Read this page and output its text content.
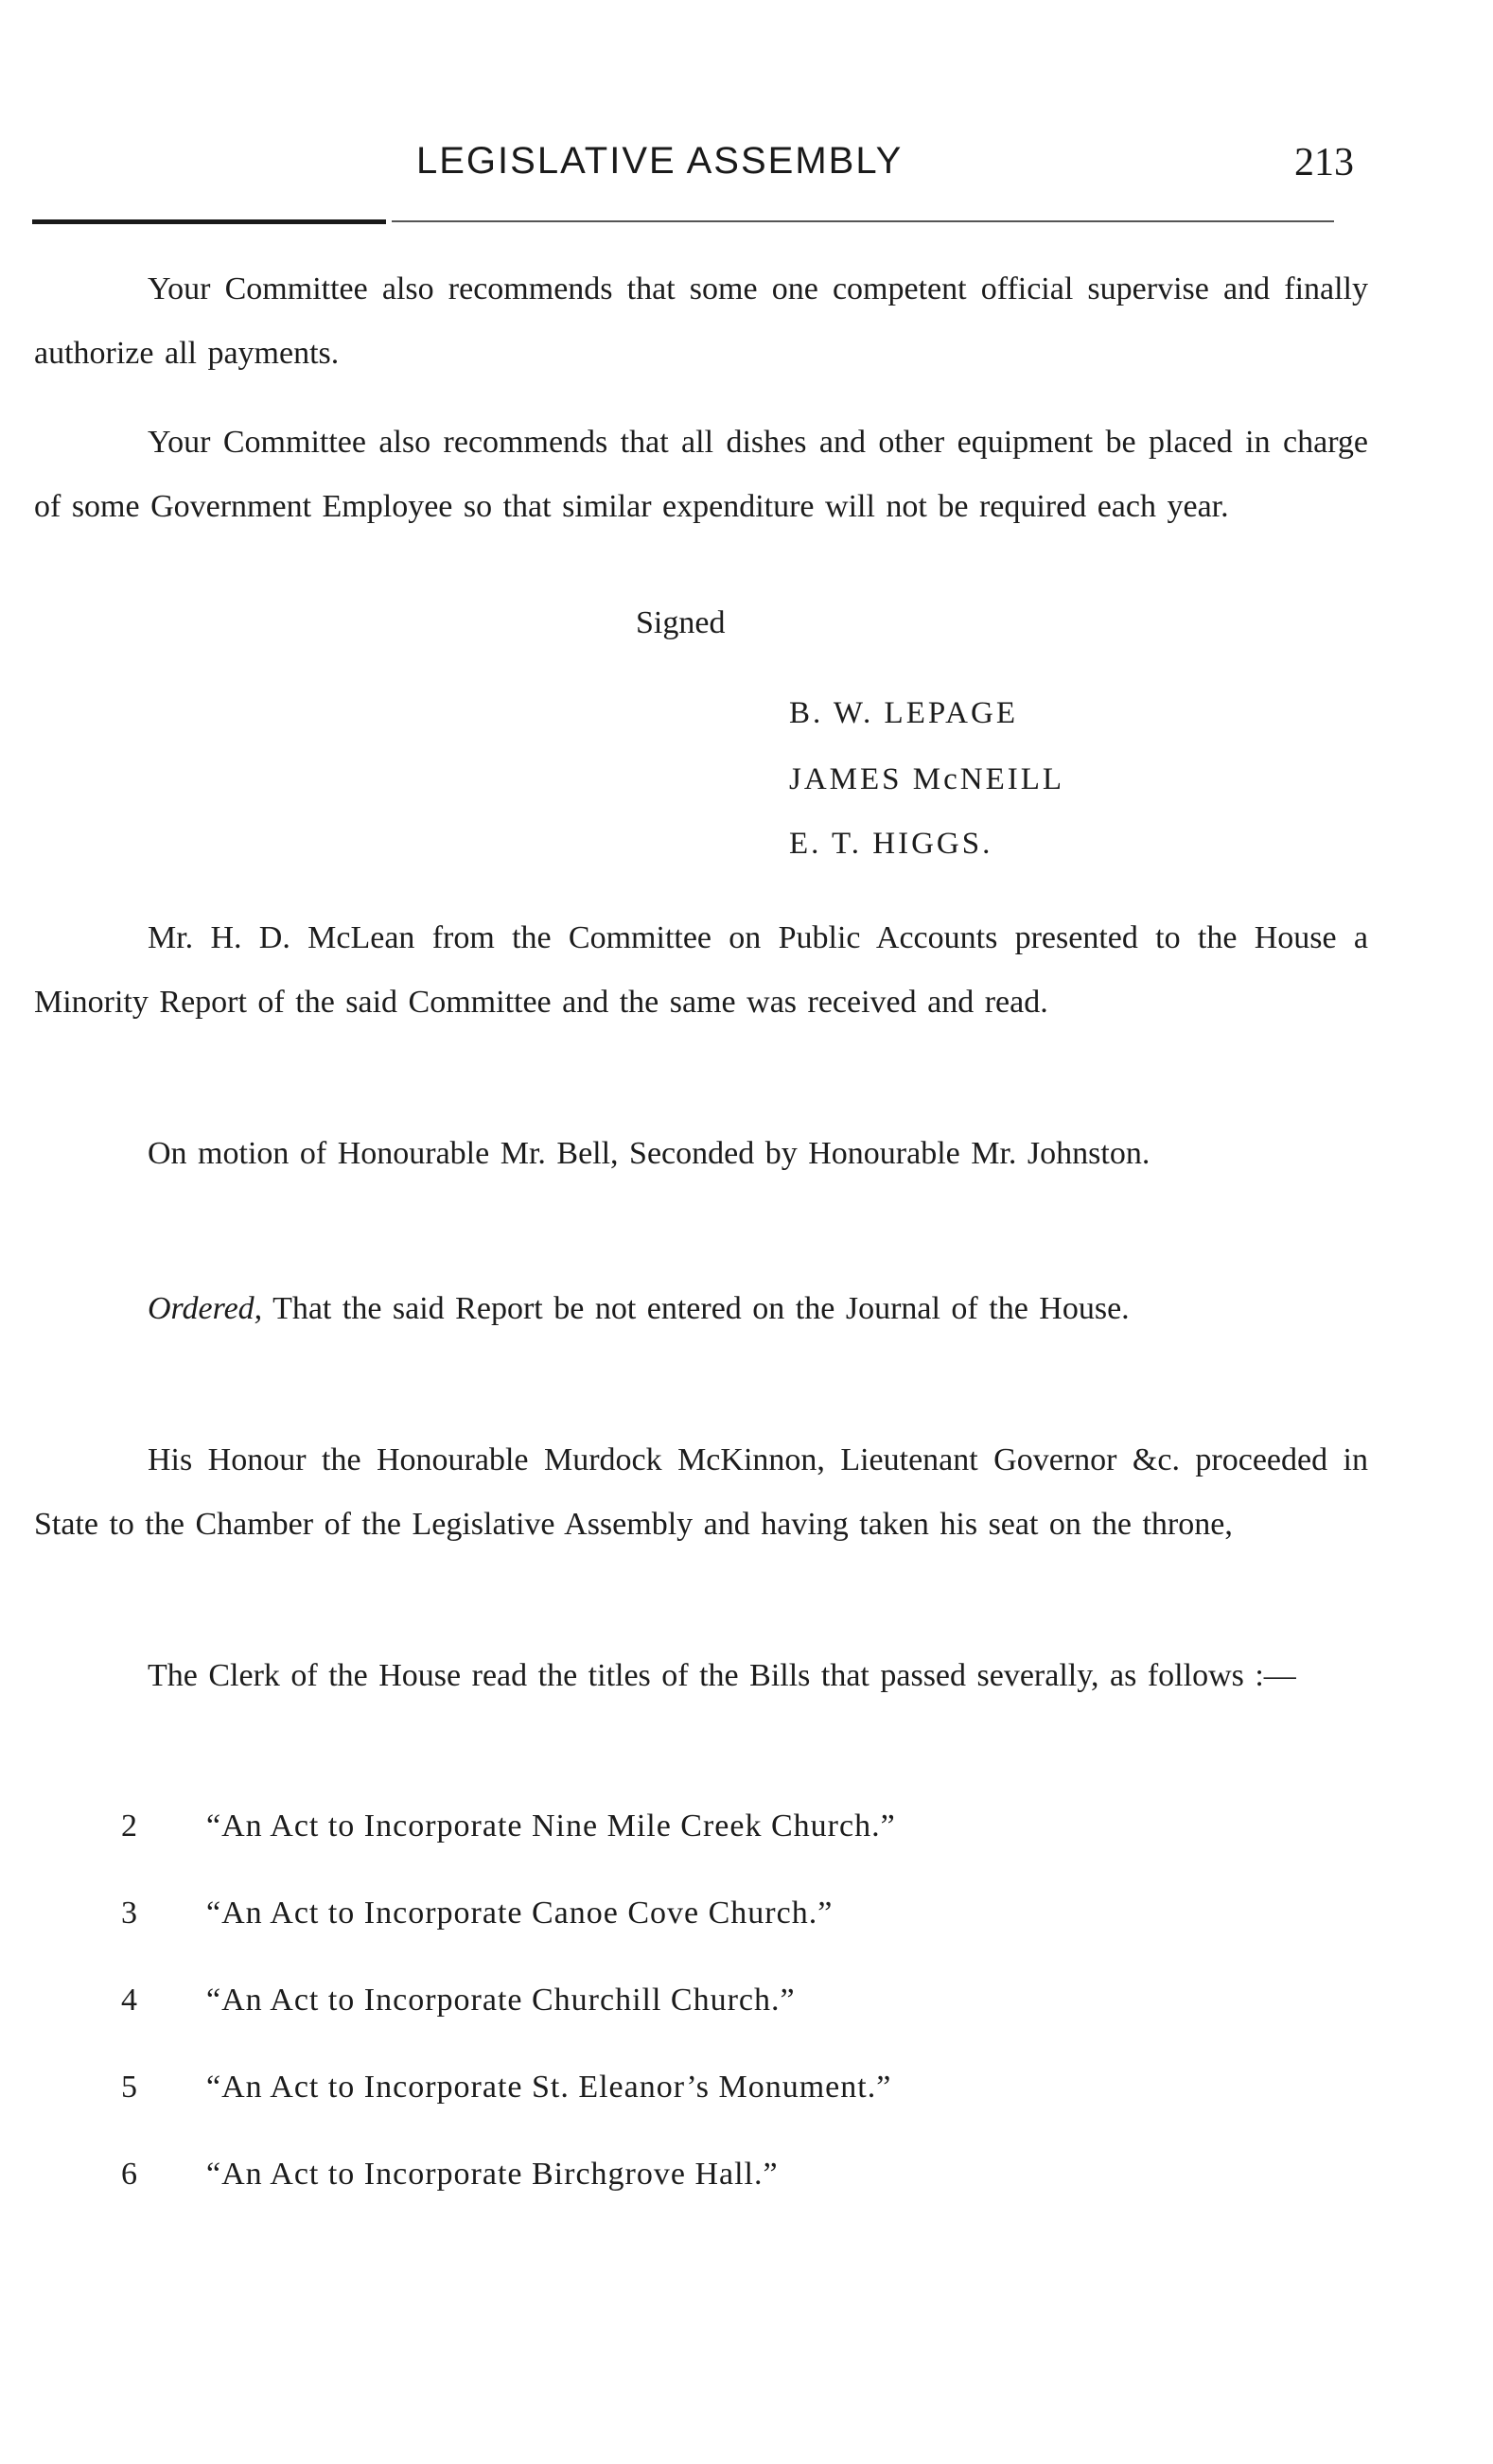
LEGISLATIVE ASSEMBLY	213

Your Committee also recommends that some one competent official supervise and finally authorize all payments.

Your Committee also recommends that all dishes and other equipment be placed in charge of some Government Employee so that similar expenditure will not be required each year.

Signed
B. W. LEPAGE
JAMES McNEILL
E. T. HIGGS.

Mr. H. D. McLean from the Committee on Public Accounts presented to the House a Minority Report of the said Committee and the same was received and read.

On motion of Honourable Mr. Bell, Seconded by Honourable Mr. Johnston.

Ordered, That the said Report be not entered on the Journal of the House.

His Honour the Honourable Murdock McKinnon, Lieutenant Governor &c. proceeded in State to the Chamber of the Legislative Assembly and having taken his seat on the throne,

The Clerk of the House read the titles of the Bills that passed severally, as follows :—

2 “An Act to Incorporate Nine Mile Creek Church.”
3 “An Act to Incorporate Canoe Cove Church.”
4 “An Act to Incorporate Churchill Church.”
5 “An Act to Incorporate St. Eleanor’s Monument.”
6 “An Act to Incorporate Birchgrove Hall.”
